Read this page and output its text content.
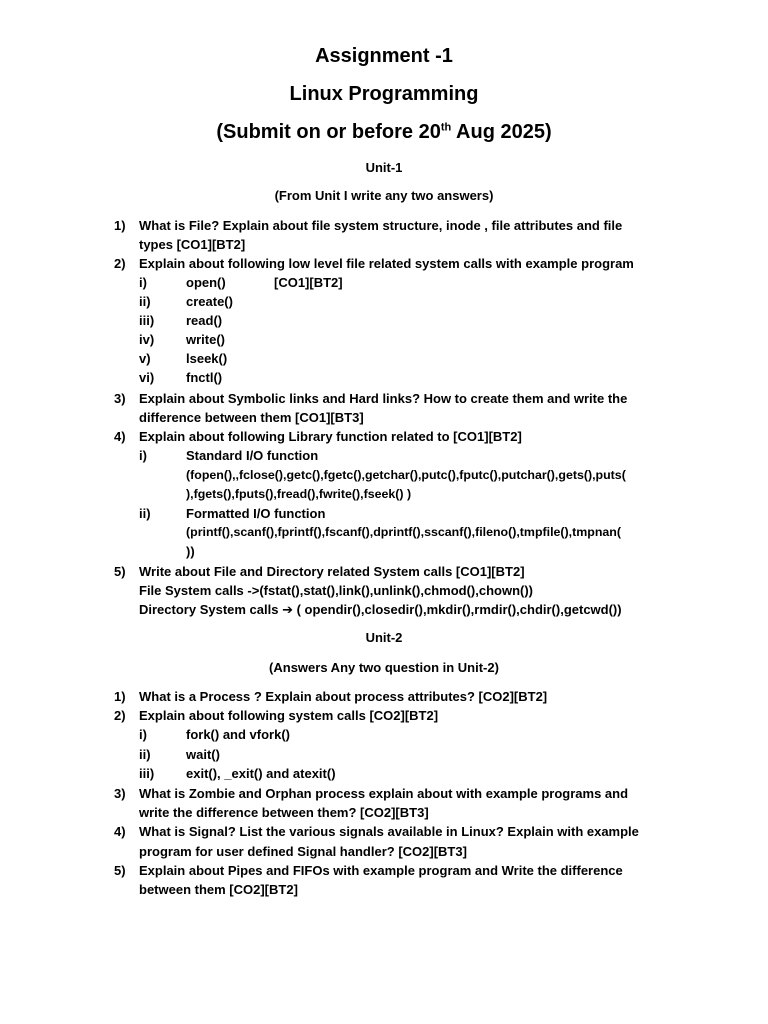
Assignment -1
Linux Programming
(Submit on or before 20th Aug 2025)
Unit-1
(From Unit I write any two answers)
1) What is File? Explain about file system structure, inode , file attributes and file
types [CO1][BT2]
2) Explain about following low level file related system calls with example program
i)	open()	[CO1][BT2]
ii)	create()
iii) read()
iv) write()
v)	lseek()
vi) fnctl()
3) Explain about Symbolic links and Hard links? How to create them and write the
difference between them [CO1][BT3]
4) Explain about following Library function related to [CO1][BT2]
i)	Standard I/O function
(fopen(),,fclose(),getc(),fgetc(),getchar(),putc(),fputc(),putchar(),gets(),puts(
),fgets(),fputs(),fread(),fwrite(),fseek() )
ii)	Formatted I/O function
(printf(),scanf(),fprintf(),fscanf(),dprintf(),sscanf(),fileno(),tmpfile(),tmpnan(
))
5) Write about File and Directory related System calls [CO1][BT2]
File System calls ->(fstat(),stat(),link(),unlink(),chmod(),chown())
Directory System calls ➔ ( opendir(),closedir(),mkdir(),rmdir(),chdir(),getcwd())
Unit-2
(Answers Any two question in Unit-2)
1) What is a Process ? Explain about process attributes? [CO2][BT2]
2) Explain about following system calls [CO2][BT2]
i)	fork() and vfork()
ii)	wait()
iii) exit(), _exit() and atexit()
3) What is Zombie and Orphan process explain about with example programs and
write the difference between them? [CO2][BT3]
4) What is Signal? List the various signals available in Linux? Explain with example
program for user defined Signal handler? [CO2][BT3]
5) Explain about Pipes and FIFOs with example program and Write the difference
between them [CO2][BT2]
